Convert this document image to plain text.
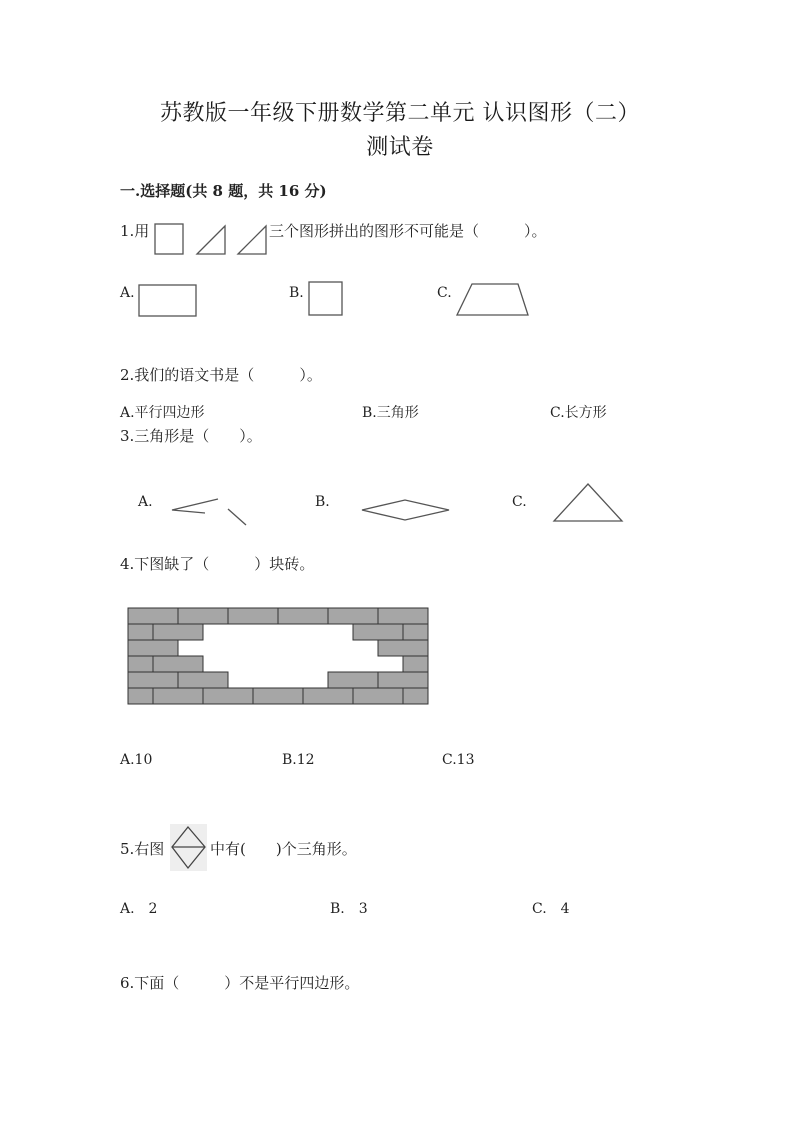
苏教版一年级下册数学第二单元 认识图形（二）
测试卷
一.选择题(共 8 题，共 16 分)
1.用	三个图形拼出的图形不可能是（　　　）。
A.	B.	C.
2.我们的语文书是（　　　）。
A.平行四边形	B.三角形	C.长方形
3.三角形是（　　）。
A.	B.	C.
4.下图缺了（　　　）块砖。
A.10	B.12	C.13
5.右图	中有(　　)个三角形。
A.　2	B.　3	C.　4
6.下面（　　　）不是平行四边形。
